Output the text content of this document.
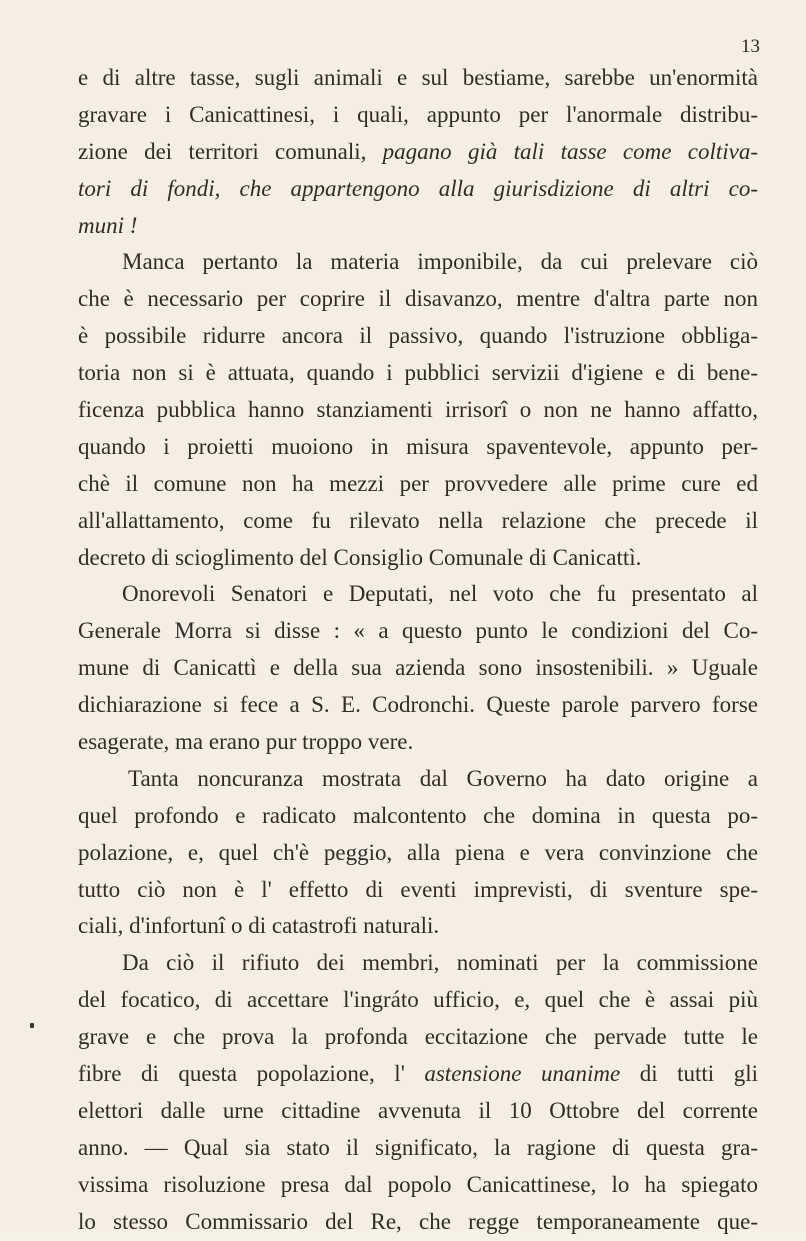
13
e di altre tasse, sugli animali e sul bestiame, sarebbe un'enormità
gravare i Canicattinesi, i quali, appunto per l'anormale distribu-
zione dei territori comunali, pagano già tali tasse come coltiva-
tori di fondi, che appartengono alla giurisdizione di altri co-
muni !
Manca pertanto la materia imponibile, da cui prelevare ciò
che è necessario per coprire il disavanzo, mentre d'altra parte non
è possibile ridurre ancora il passivo, quando l'istruzione obbliga-
toria non si è attuata, quando i pubblici servizii d'igiene e di bene-
ficenza pubblica hanno stanziamenti irrisorî o non ne hanno affatto,
quando i proietti muoiono in misura spaventevole, appunto per-
chè il comune non ha mezzi per provvedere alle prime cure ed
all'allattamento, come fu rilevato nella relazione che precede il
decreto di scioglimento del Consiglio Comunale di Canicattì.
Onorevoli Senatori e Deputati, nel voto che fu presentato al
Generale Morra si disse : « a questo punto le condizioni del Co-
mune di Canicattì e della sua azienda sono insostenibili. » Uguale
dichiarazione si fece a S. E. Codronchi. Queste parole parvero forse
esagerate, ma erano pur troppo vere.
Tanta noncuranza mostrata dal Governo ha dato origine a
quel profondo e radicato malcontento che domina in questa po-
polazione, e, quel ch'è peggio, alla piena e vera convinzione che
tutto ciò non è l' effetto di eventi imprevisti, di sventure spe-
ciali, d'infortunî o di catastrofi naturali.
Da ciò il rifiuto dei membri, nominati per la commissione
del focatico, di accettare l'ingráto ufficio, e, quel che è assai più
grave e che prova la profonda eccitazione che pervade tutte le
fibre di questa popolazione, l' astensione unanime di tutti gli
elettori dalle urne cittadine avvenuta il 10 Ottobre del corrente
anno. — Qual sia stato il significato, la ragione di questa gra-
vissima risoluzione presa dal popolo Canicattinese, lo ha spiegato
lo stesso Commissario del Re, che regge temporaneamente que-
